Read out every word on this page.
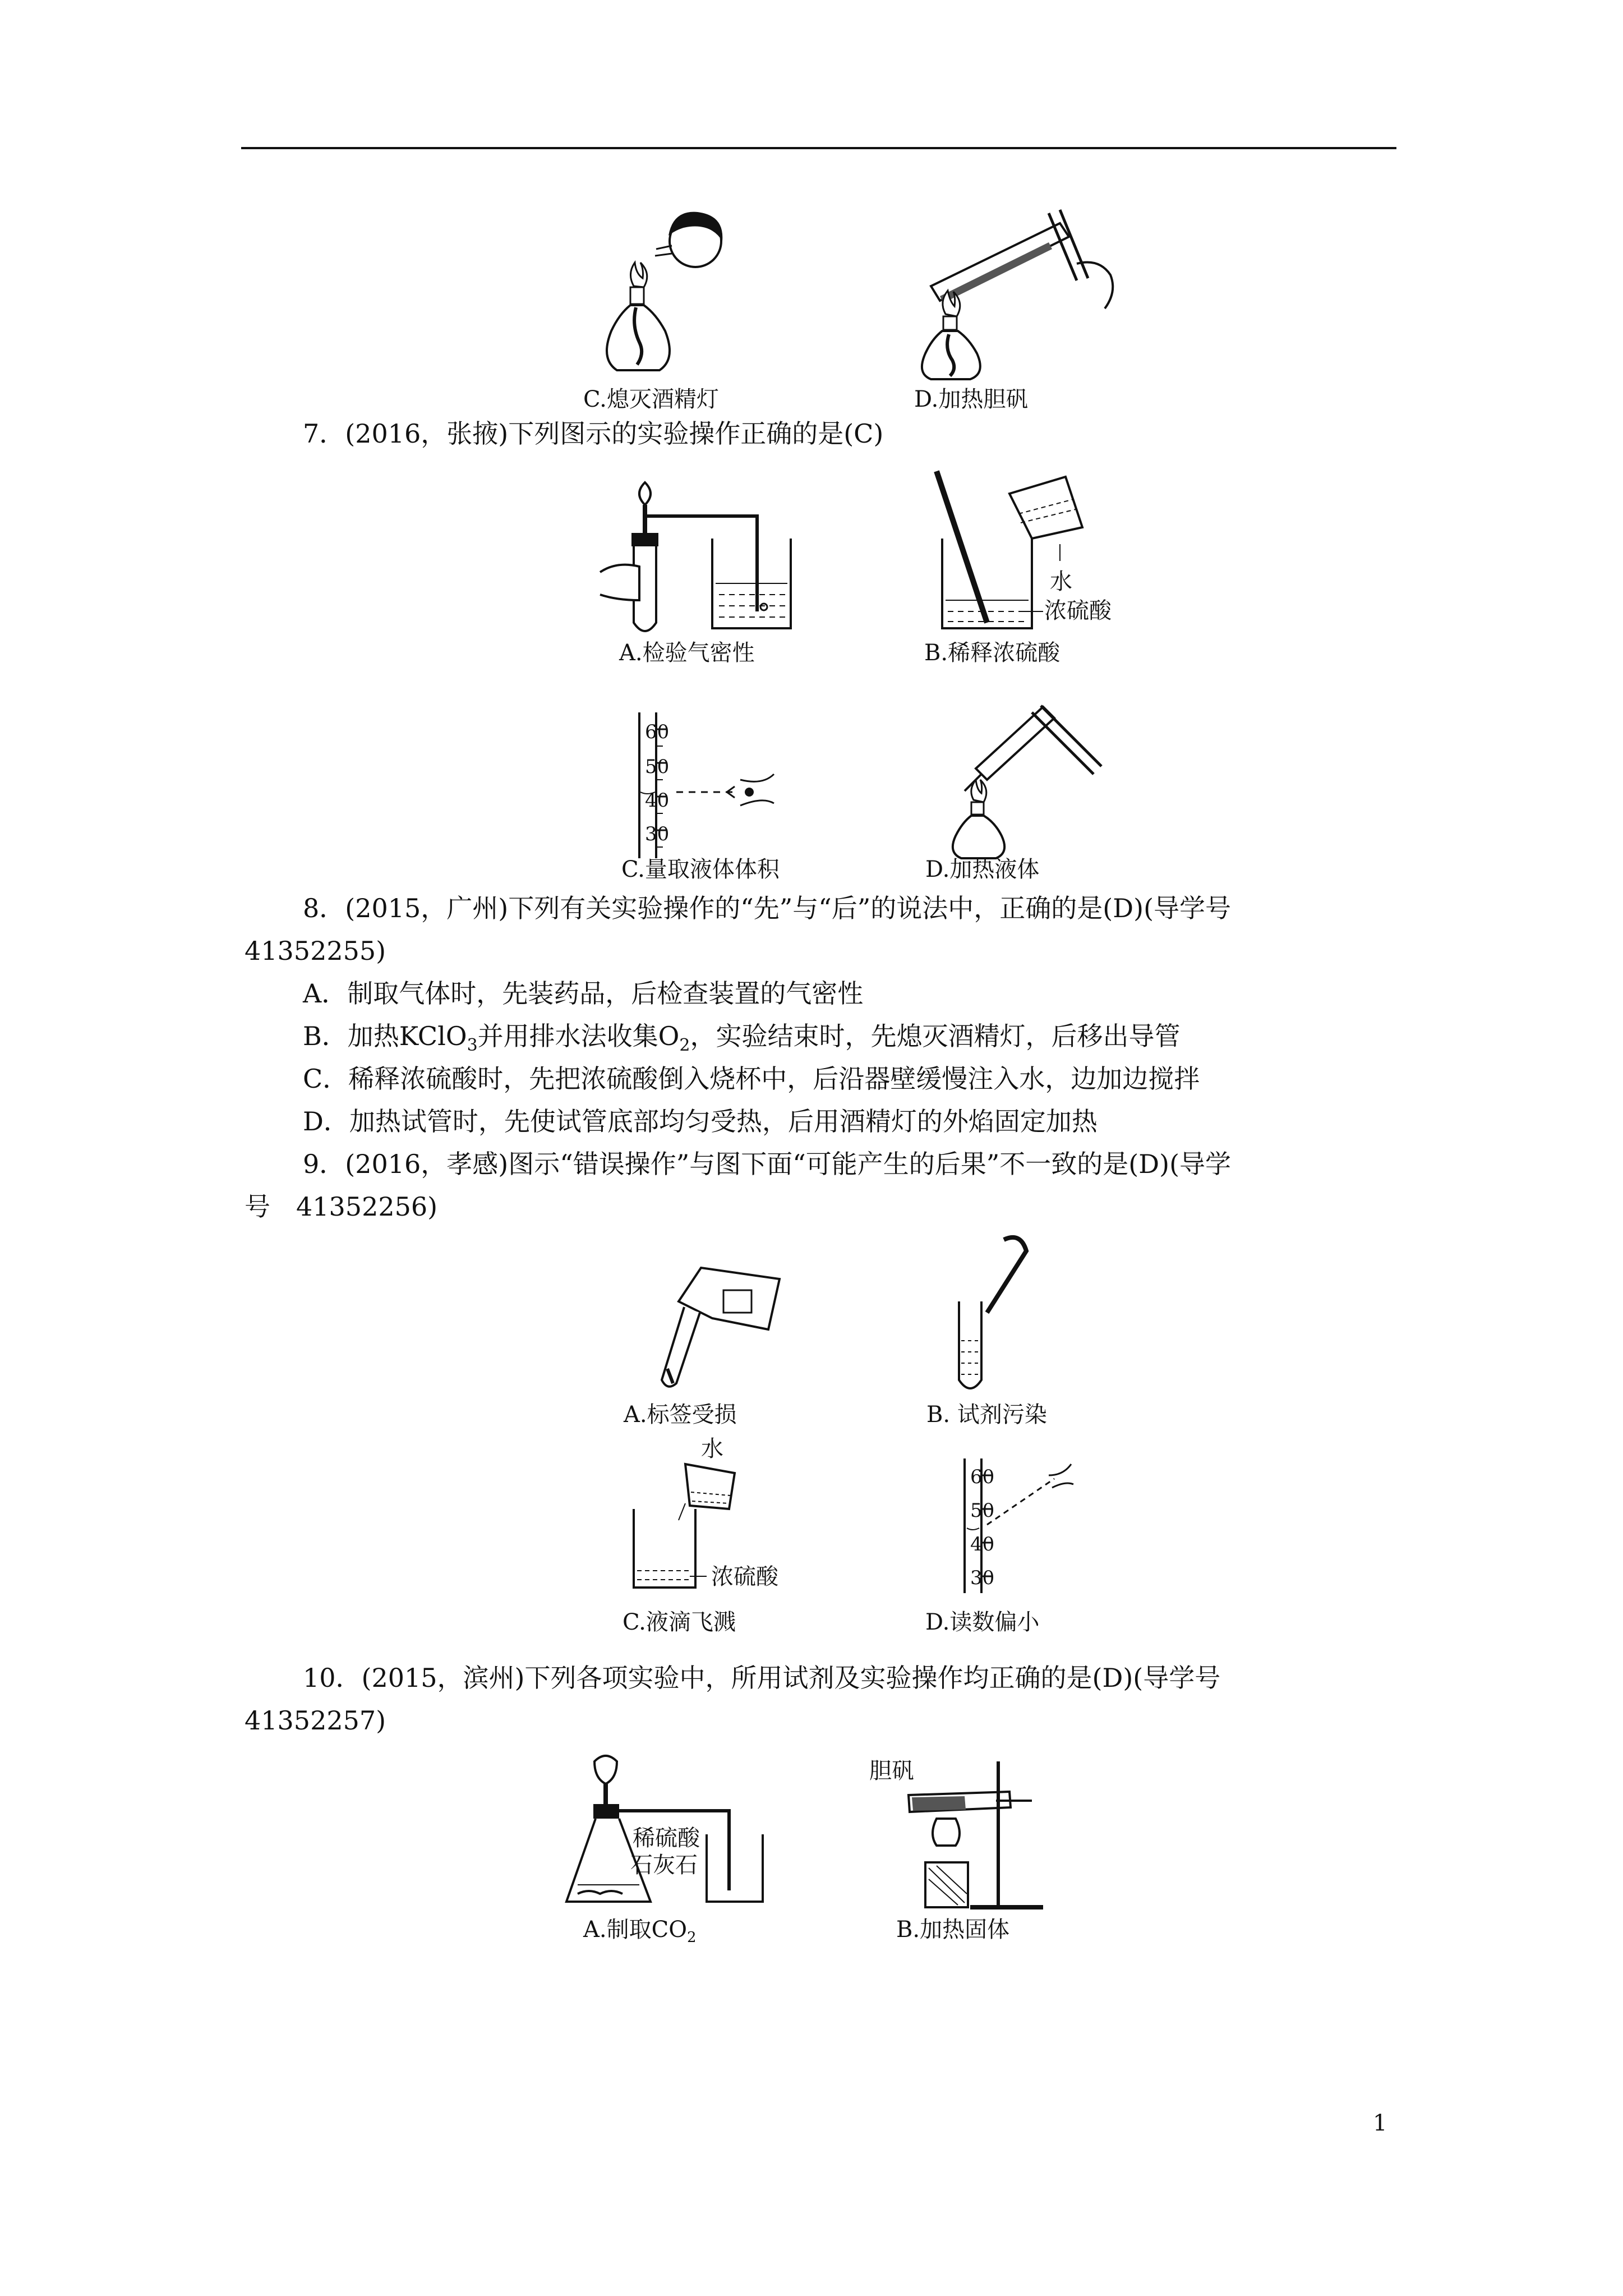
C.熄灭酒精灯	D.加热胆矾
7．(2016，张掖)下列图示的实验操作正确的是(C)
A.检验气密性
水
浓硫酸
B.稀释浓硫酸
60
50
40
30
C.量取液体体积	D.加热液体
8．(2015，广州)下列有关实验操作的“先”与“后”的说法中，正确的是(D)(导学号
41352255)
A．制取气体时，先装药品，后检查装置的气密性
B．加热KClO$_3$并用排水法收集$O_2$，实验结束时，先熄灭酒精灯，后移出导管
C．稀释浓硫酸时，先把浓硫酸倒入烧杯中，后沿器壁缓慢注入水，边加边搅拌
D．加热试管时，先使试管底部均匀受热，后用酒精灯的外焰固定加热
9．(2016，孝感)图示“错误操作”与图下面“可能产生的后果”不一致的是(D)(导学
号　41352256)
A.标签受损	B. 试剂污染
水
浓硫酸
C.液滴飞溅
60
50
40
30
D.读数偏小
10．(2015，滨州)下列各项实验中，所用试剂及实验操作均正确的是(D)(导学号
41352257)
稀硫酸
石灰石
A.制取$CO_2$
胆矾
B.加热固体
1
